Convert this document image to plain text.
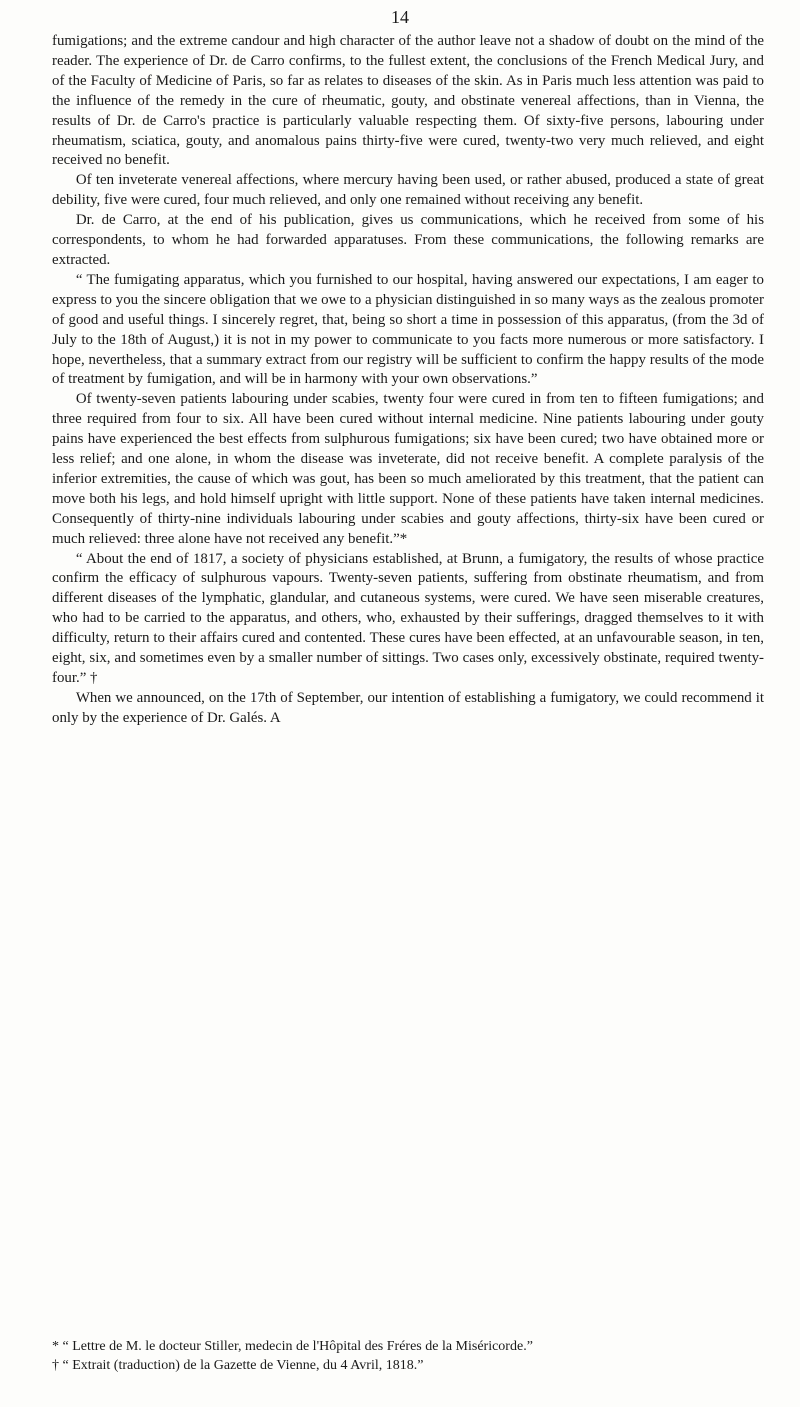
14

fumigations; and the extreme candour and high character of the author leave not a shadow of doubt on the mind of the reader. The experience of Dr. de Carro confirms, to the fullest extent, the conclusions of the French Medical Jury, and of the Faculty of Medicine of Paris, so far as relates to diseases of the skin. As in Paris much less attention was paid to the influence of the remedy in the cure of rheumatic, gouty, and obstinate venereal affections, than in Vienna, the results of Dr. de Carro's practice is particularly valuable respecting them. Of sixty-five persons, labouring under rheumatism, sciatica, gouty, and anomalous pains thirty-five were cured, twenty-two very much relieved, and eight received no benefit.

Of ten inveterate venereal affections, where mercury having been used, or rather abused, produced a state of great debility, five were cured, four much relieved, and only one remained without receiving any benefit.

Dr. de Carro, at the end of his publication, gives us communications, which he received from some of his correspondents, to whom he had forwarded apparatuses. From these communications, the following remarks are extracted.

“ The fumigating apparatus, which you furnished to our hospital, having answered our expectations, I am eager to express to you the sincere obligation that we owe to a physician distinguished in so many ways as the zealous promoter of good and useful things. I sincerely regret, that, being so short a time in possession of this apparatus, (from the 3d of July to the 18th of August,) it is not in my power to communicate to you facts more numerous or more satisfactory. I hope, nevertheless, that a summary extract from our registry will be sufficient to confirm the happy results of the mode of treatment by fumigation, and will be in harmony with your own observations.”

Of twenty-seven patients labouring under scabies, twenty four were cured in from ten to fifteen fumigations; and three required from four to six. All have been cured without internal medicine. Nine patients labouring under gouty pains have experienced the best effects from sulphurous fumigations; six have been cured; two have obtained more or less relief; and one alone, in whom the disease was inveterate, did not receive benefit. A complete paralysis of the inferior extremities, the cause of which was gout, has been so much ameliorated by this treatment, that the patient can move both his legs, and hold himself upright with little support. None of these patients have taken internal medicines. Consequently of thirty-nine individuals labouring under scabies and gouty affections, thirty-six have been cured or much relieved: three alone have not received any benefit.”*

“ About the end of 1817, a society of physicians established, at Brunn, a fumigatory, the results of whose practice confirm the efficacy of sulphurous vapours. Twenty-seven patients, suffering from obstinate rheumatism, and from different diseases of the lymphatic, glandular, and cutaneous systems, were cured. We have seen miserable creatures, who had to be carried to the apparatus, and others, who, exhausted by their sufferings, dragged themselves to it with difficulty, return to their affairs cured and contented. These cures have been effected, at an unfavourable season, in ten, eight, six, and sometimes even by a smaller number of sittings. Two cases only, excessively obstinate, required twenty-four.” †

When we announced, on the 17th of September, our intention of establishing a fumigatory, we could recommend it only by the experience of Dr. Galés. A

* “ Lettre de M. le docteur Stiller, medecin de l'Hôpital des Fréres de la Miséricorde.”

† “ Extrait (traduction) de la Gazette de Vienne, du 4 Avril, 1818.”
